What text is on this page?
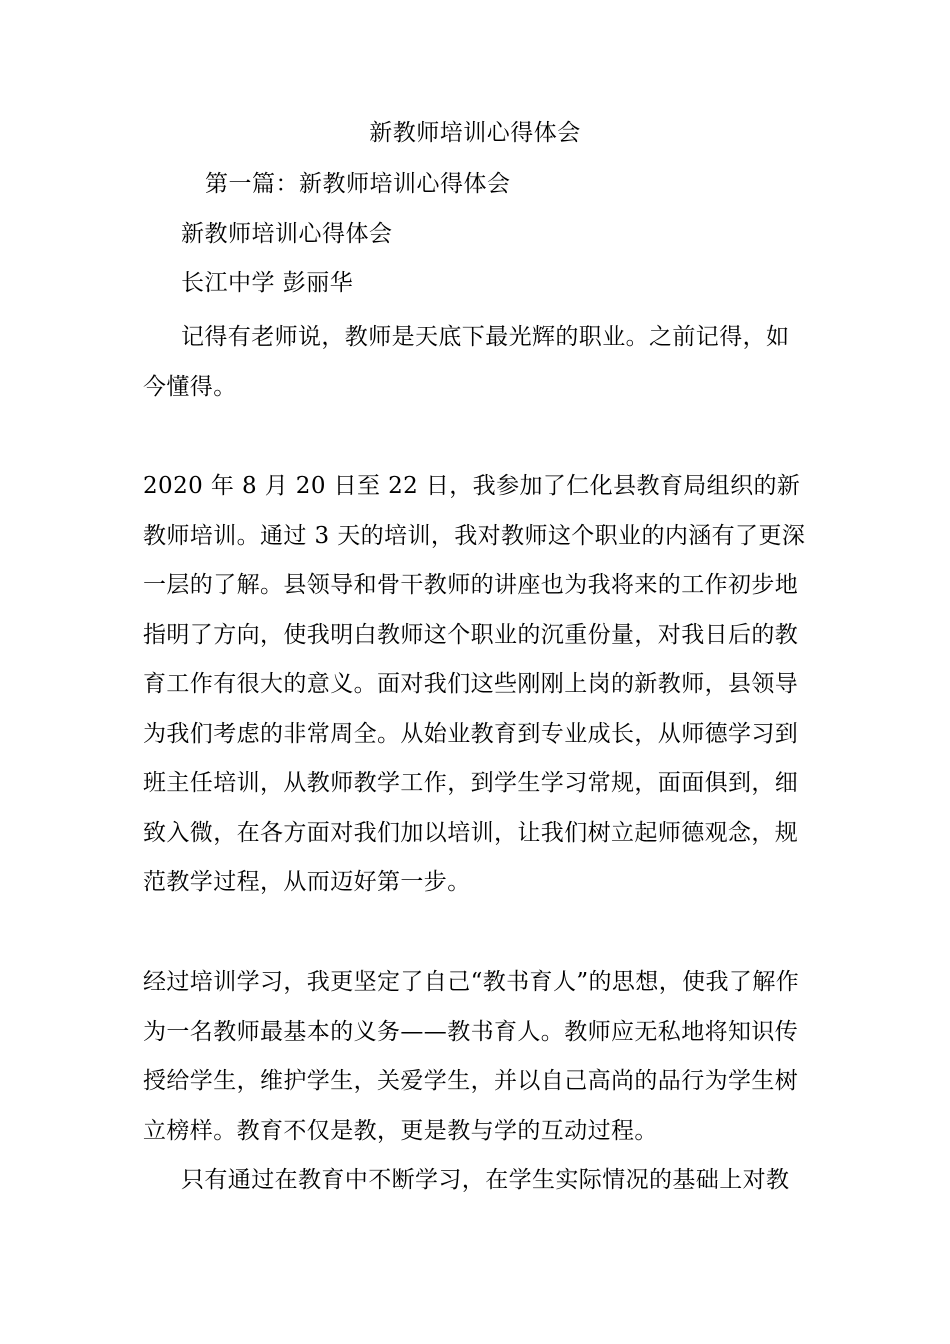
新教师培训心得体会
第一篇：新教师培训心得体会
新教师培训心得体会
长江中学 彭丽华

记得有老师说，教师是天底下最光辉的职业。之前记得，如今懂得。

2020 年 8 月 20 日至 22 日，我参加了仁化县教育局组织的新教师培训。通过 3 天的培训，我对教师这个职业的内涵有了更深一层的了解。县领导和骨干教师的讲座也为我将来的工作初步地指明了方向，使我明白教师这个职业的沉重份量，对我日后的教育工作有很大的意义。面对我们这些刚刚上岗的新教师，县领导为我们考虑的非常周全。从始业教育到专业成长，从师德学习到班主任培训，从教师教学工作，到学生学习常规，面面俱到，细致入微，在各方面对我们加以培训，让我们树立起师德观念，规范教学过程，从而迈好第一步。

经过培训学习，我更坚定了自己“教书育人”的思想，使我了解作为一名教师最基本的义务——教书育人。教师应无私地将知识传授给学生，维护学生，关爱学生，并以自己高尚的品行为学生树立榜样。教育不仅是教，更是教与学的互动过程。

只有通过在教育中不断学习，在学生实际情况的基础上对教
